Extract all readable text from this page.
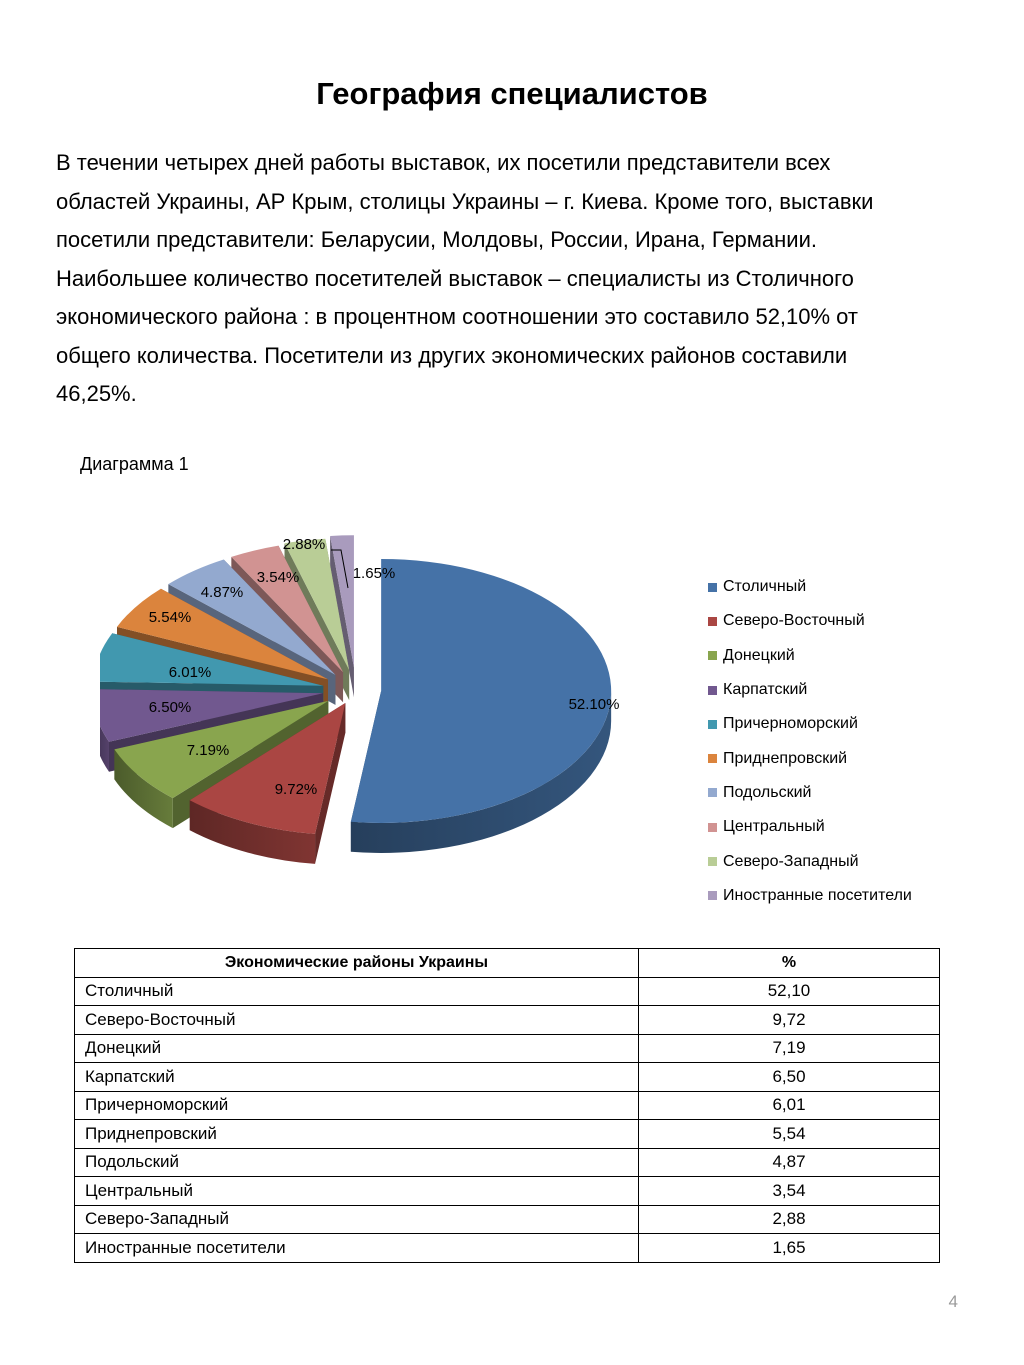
География специалистов

В течении четырех дней работы выставок, их посетили представители всех
областей Украины, АР Крым, столицы Украины – г. Киева. Кроме того, выставки
посетили представители: Беларусии, Молдовы, России, Ирана, Германии.
Наибольшее количество посетителей выставок – специалисты из Столичного
экономического района : в процентном соотношении это составило 52,10% от
общего количества. Посетители из других экономических районов составили
46,25%.

Диаграмма 1
52.10%
9.72%
7.19%
6.50%
6.01%
5.54%
4.87%
3.54%
2.88%
1.65%
Столичный
Северо-Восточный
Донецкий
Карпатский
Причерноморский
Приднепровский
Подольский
Центральный
Северо-Западный
Иностранные посетители
Экономические районы Украины	%
Столичный	52,10
Северо-Восточный	9,72
Донецкий	7,19
Карпатский	6,50
Причерноморский	6,01
Приднепровский	5,54
Подольский	4,87
Центральный	3,54
Северо-Западный	2,88
Иностранные посетители	1,65
4
